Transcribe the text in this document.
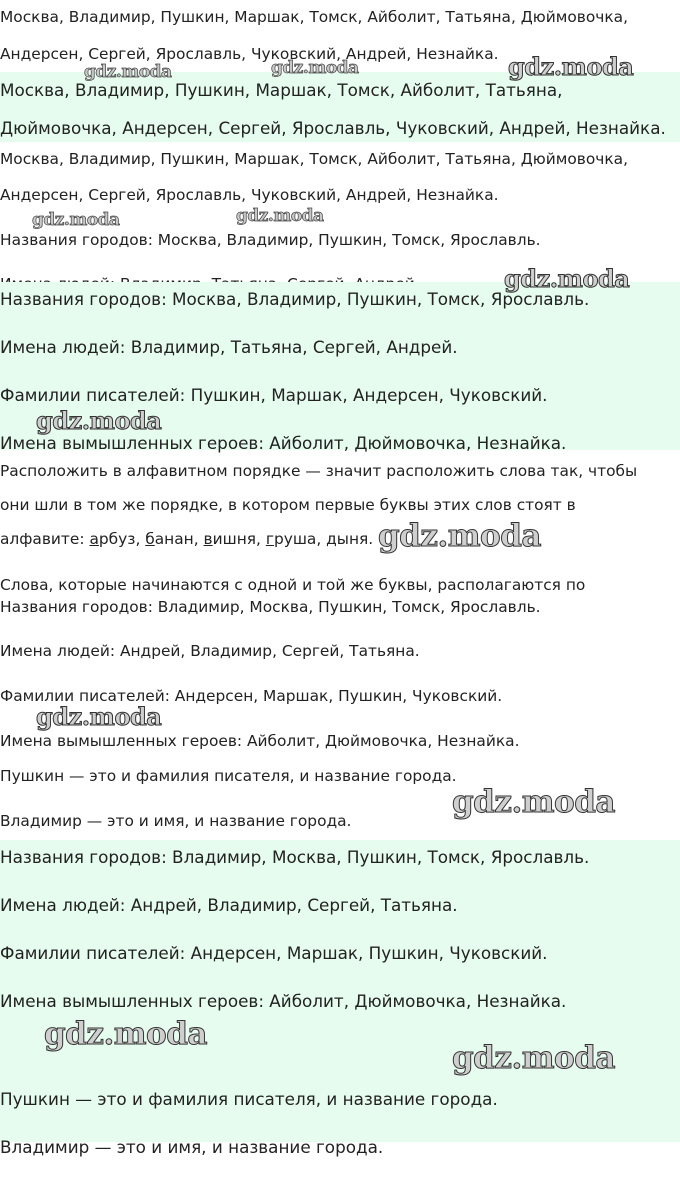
Москва, Владимир, Пушкин, Маршак, Томск, Айболит, Татьяна, Дюймовочка,
Андерсен, Сергей, Ярославль, Чуковский, Андрей, Незнайка.
Москва, Владимир, Пушкин, Маршак, Томск, Айболит, Татьяна,
Дюймовочка, Андерсен, Сергей, Ярославль, Чуковский, Андрей, Незнайка.
Москва, Владимир, Пушкин, Маршак, Томск, Айболит, Татьяна, Дюймовочка,
Андерсен, Сергей, Ярославль, Чуковский, Андрей, Незнайка.
Названия городов: Москва, Владимир, Пушкин, Томск, Ярославль.
Названия городов: Москва, Владимир, Пушкин, Томск, Ярославль.
Имена людей: Владимир, Татьяна, Сергей, Андрей.
Фамилии писателей: Пушкин, Маршак, Андерсен, Чуковский.
Имена вымышленных героев: Айболит, Дюймовочка, Незнайка.
Расположить в алфавитном порядке — значит расположить слова так, чтобы
они шли в том же порядке, в котором первые буквы этих слов стоят в
алфавите: арбуз, банан, вишня, груша, дыня.
Слова, которые начинаются с одной и той же буквы, располагаются по
Названия городов: Владимир, Москва, Пушкин, Томск, Ярославль.
Имена людей: Андрей, Владимир, Сергей, Татьяна.
Фамилии писателей: Андерсен, Маршак, Пушкин, Чуковский.
Имена вымышленных героев: Айболит, Дюймовочка, Незнайка.
Пушкин — это и фамилия писателя, и название города.
Владимир — это и имя, и название города.
Названия городов: Владимир, Москва, Пушкин, Томск, Ярославль.
Имена людей: Андрей, Владимир, Сергей, Татьяна.
Фамилии писателей: Андерсен, Маршак, Пушкин, Чуковский.
Имена вымышленных героев: Айболит, Дюймовочка, Незнайка.
Пушкин — это и фамилия писателя, и название города.
Владимир — это и имя, и название города.
gdz.moda	gdz.moda	gdz.moda
gdz.moda	gdz.moda
gdz.moda
gdz.moda
gdz.moda
gdz.moda
gdz.moda
gdz.moda
gdz.moda
